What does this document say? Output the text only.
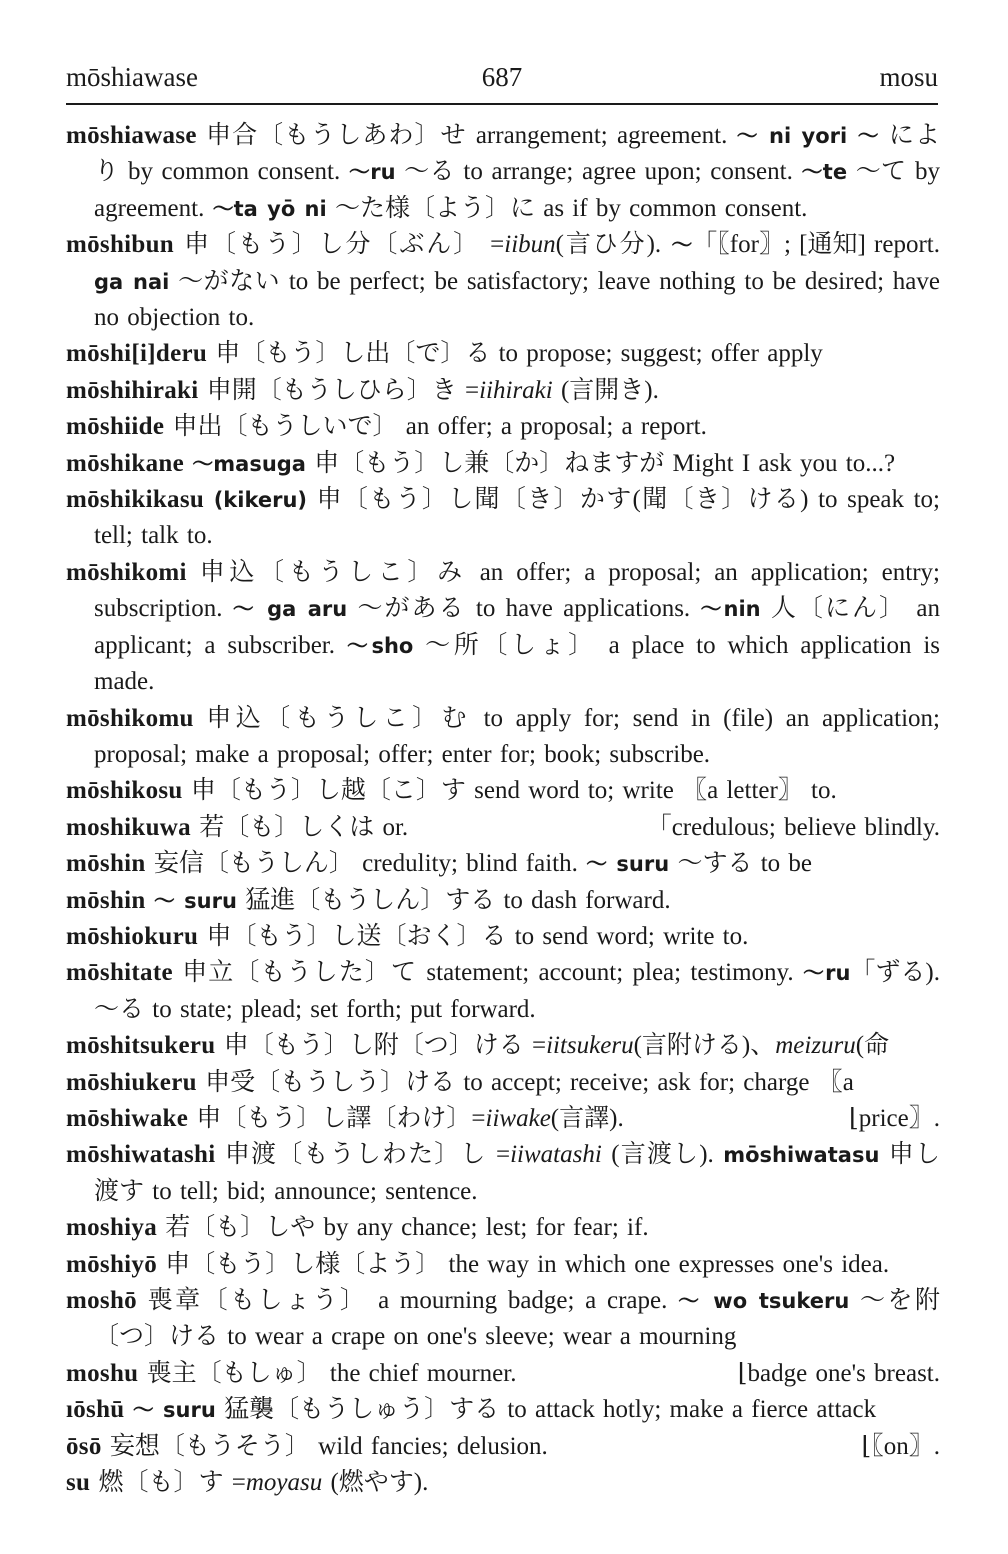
mōshiawase	687	mosu
mōshiawase 申合〔もうしあわ〕せ arrangement; agreement. ～ ni yori ～ により by common consent. ～ru ～る to arrange; agree upon; consent. ～te ～て by agreement. ～ta yō ni ～た様〔よう〕に as if by common consent.
「〖for〗; [通知] report.
mōshibun 申〔もう〕し分〔ぶん〕 =iibun(言ひ分). ～ ga nai ～がない to be perfect; be satisfactory; leave nothing to be desired; have no objection to.
mōshi[i]deru 申〔もう〕し出〔で〕る to propose; suggest; offer apply
mōshihiraki 申開〔もうしひら〕き =iihiraki (言開き).
mōshiide 申出〔もうしいで〕 an offer; a proposal; a report.
mōshikane ～masuga 申〔もう〕し兼〔か〕ねますが Might I ask you to...?
mōshikikasu (kikeru) 申〔もう〕し聞〔き〕かす(聞〔き〕ける) to speak to; tell; talk to.
mōshikomi 申込〔もうしこ〕み an offer; a proposal; an application; entry; subscription. ～ ga aru ～がある to have applications. ～nin 人〔にん〕 an applicant; a subscriber. ～sho ～所〔しょ〕 a place to which application is made.
mōshikomu 申込〔もうしこ〕む to apply for; send in (file) an application; proposal; make a proposal; offer; enter for; book; subscribe.
mōshikosu 申〔もう〕し越〔こ〕す send word to; write 〖a letter〗 to.
「credulous; believe blindly.
moshikuwa 若〔も〕しくは or.
mōshin 妄信〔もうしん〕 credulity; blind faith. ～ suru ～する to be
mōshin ～ suru 猛進〔もうしん〕する to dash forward.
mōshiokuru 申〔もう〕し送〔おく〕る to send word; write to.
「ずる).
mōshitate 申立〔もうした〕て statement; account; plea; testimony. ～ru ～る to state; plead; set forth; put forward.
mōshitsukeru 申〔もう〕し附〔つ〕ける =iitsukeru(言附ける)、meizuru(命
mōshiukeru 申受〔もうしう〕ける to accept; receive; ask for; charge 〖a
⌊price〗.
mōshiwake 申〔もう〕し譯〔わけ〕=iiwake(言譯).
mōshiwatashi 申渡〔もうしわた〕し =iiwatashi (言渡し). mōshiwatasu 申し渡す to tell; bid; announce; sentence.
moshiya 若〔も〕しや by any chance; lest; for fear; if.
mōshiyō 申〔もう〕し様〔よう〕 the way in which one expresses one's idea.
moshō 喪章〔もしょう〕 a mourning badge; a crape. ～ wo tsukeru ～を附〔つ〕ける to wear a crape on one's sleeve; wear a mourning
⌊badge one's breast.
moshu 喪主〔もしゅ〕 the chief mourner.
ıōshū ～ suru 猛襲〔もうしゅう〕する to attack hotly; make a fierce attack
⌊〖on〗.
ōsō 妄想〔もうそう〕 wild fancies; delusion.
su 燃〔も〕す =moyasu (燃やす).
